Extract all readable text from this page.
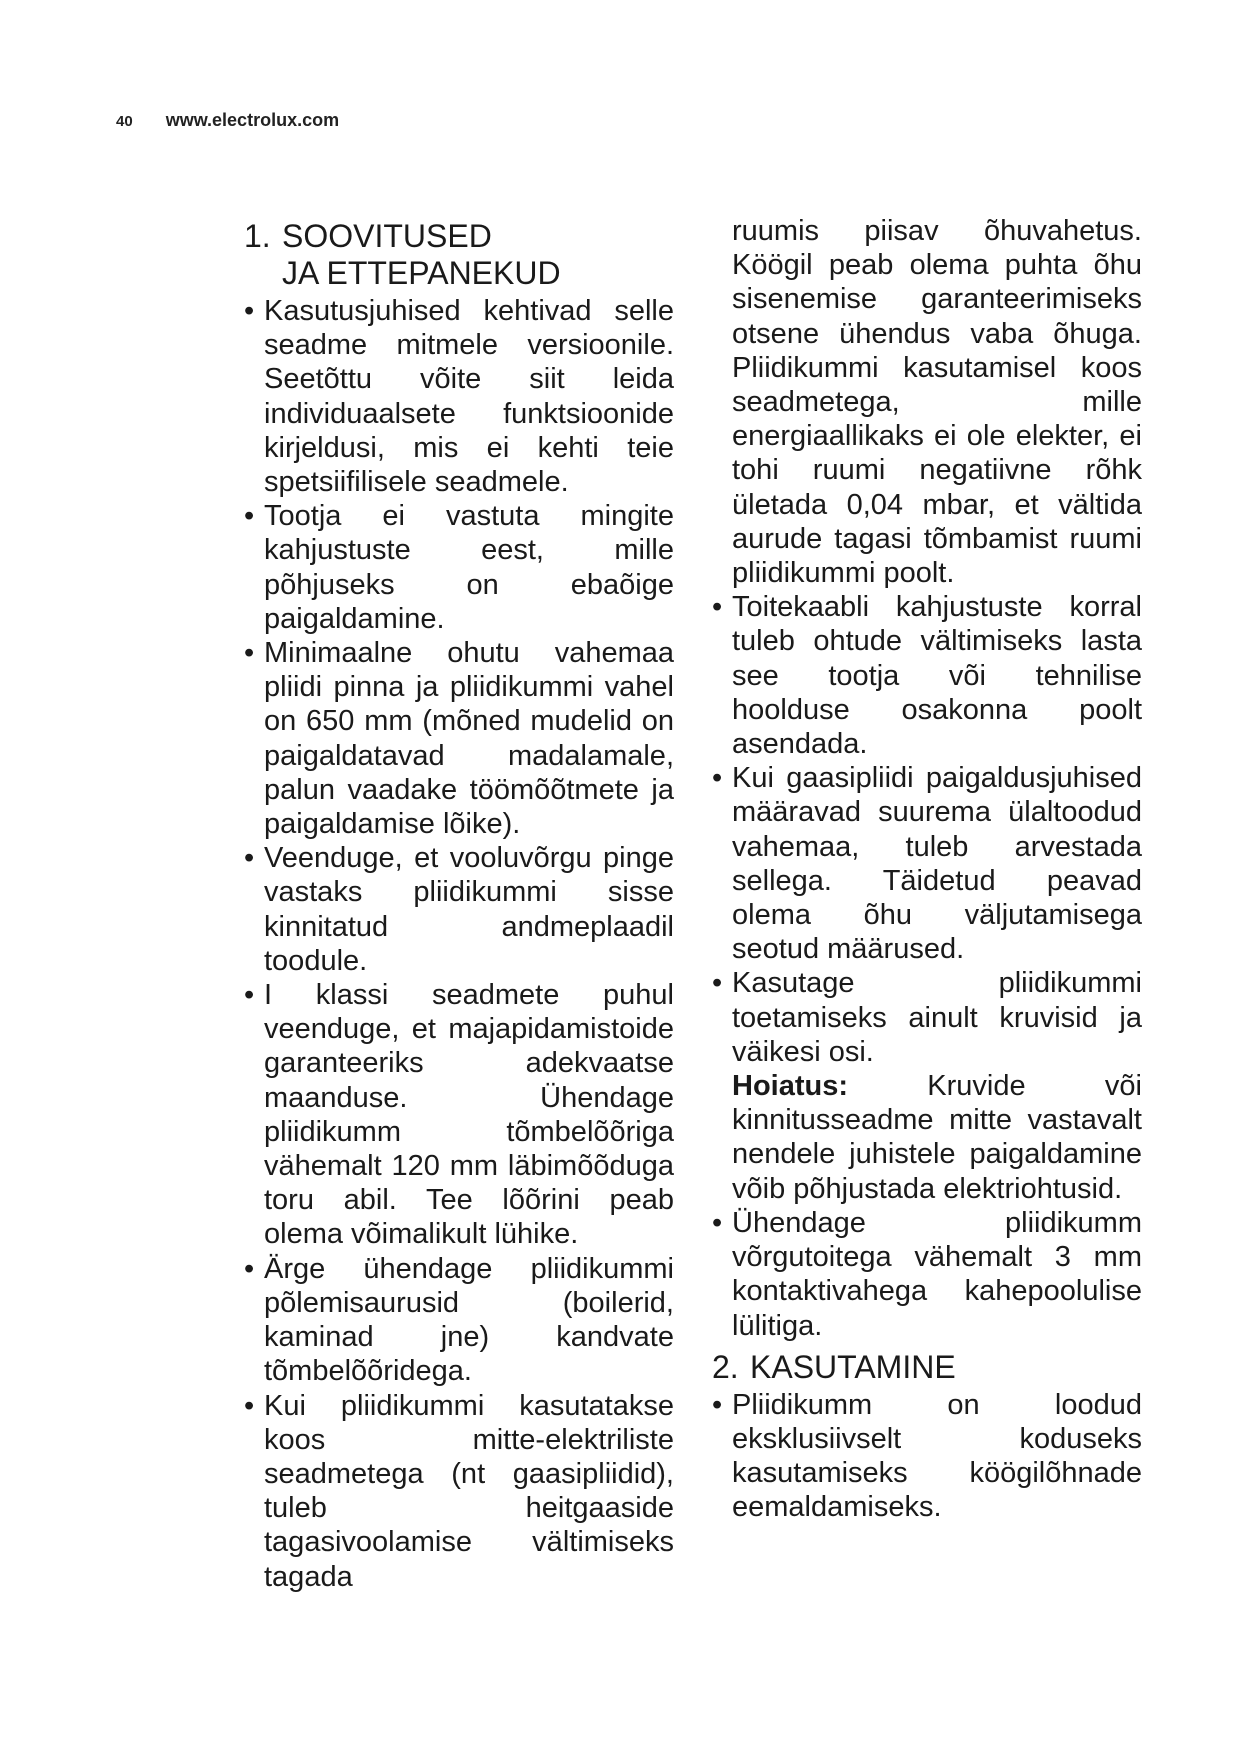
40 www.electrolux.com
1. SOOVITUSED
JA ETTEPANEKUD
• Kasutusjuhised kehtivad selle seadme mitmele versioonile. Seetõttu võite siit leida individuaalsete funktsioonide kirjeldusi, mis ei kehti teie spetsiifilisele seadmele.
• Tootja ei vastuta mingite kahjustuste eest, mille põhjuseks on ebaõige paigaldamine.
• Minimaalne ohutu vahemaa pliidi pinna ja pliidikummi vahel on 650 mm (mõned mudelid on paigaldatavad madalamale, palun vaadake töömõõtmete ja paigaldamise lõike).
• Veenduge, et vooluvõrgu pinge vastaks pliidikummi sisse kinnitatud andmeplaadil toodule.
• I klassi seadmete puhul veenduge, et majapidamistoide garanteeriks adekvaatse maanduse. Ühendage pliidikumm tõmbelõõriga vähemalt 120 mm läbimõõduga toru abil. Tee lõõrini peab olema võimalikult lühike.
• Ärge ühendage pliidikummi põlemisaurusid (boilerid, kaminad jne) kandvate tõmbelõõridega.
• Kui pliidikummi kasutatakse koos mitte-elektriliste seadmetega (nt gaasipliidid), tuleb heitgaaside tagasivoolamise vältimiseks tagada
ruumis piisav õhuvahetus. Köögil peab olema puhta õhu sisenemise garanteerimiseks otsene ühendus vaba õhuga. Pliidikummi kasutamisel koos seadmetega, mille energiaallikaks ei ole elekter, ei tohi ruumi negatiivne rõhk ületada 0,04 mbar, et vältida aurude tagasi tõmbamist ruumi pliidikummi poolt.
• Toitekaabli kahjustuste korral tuleb ohtude vältimiseks lasta see tootja või tehnilise hoolduse osakonna poolt asendada.
• Kui gaasipliidi paigaldusjuhised määravad suurema ülaltoodud vahemaa, tuleb arvestada sellega. Täidetud peavad olema õhu väljutamisega seotud määrused.
• Kasutage pliidikummi toetamiseks ainult kruvisid ja väikesi osi.
Hoiatus:	Kruvide või kinnitusseadme mitte vastavalt nendele juhistele paigaldamine võib põhjustada elektriohtusid.
• Ühendage pliidikumm võrgutoitega vähemalt 3 mm kontaktivahega kahepoolulise lülitiga.
2. KASUTAMINE
• Pliidikumm on loodud eksklusiivselt koduseks kasutamiseks köögilõhnade eemaldamiseks.
